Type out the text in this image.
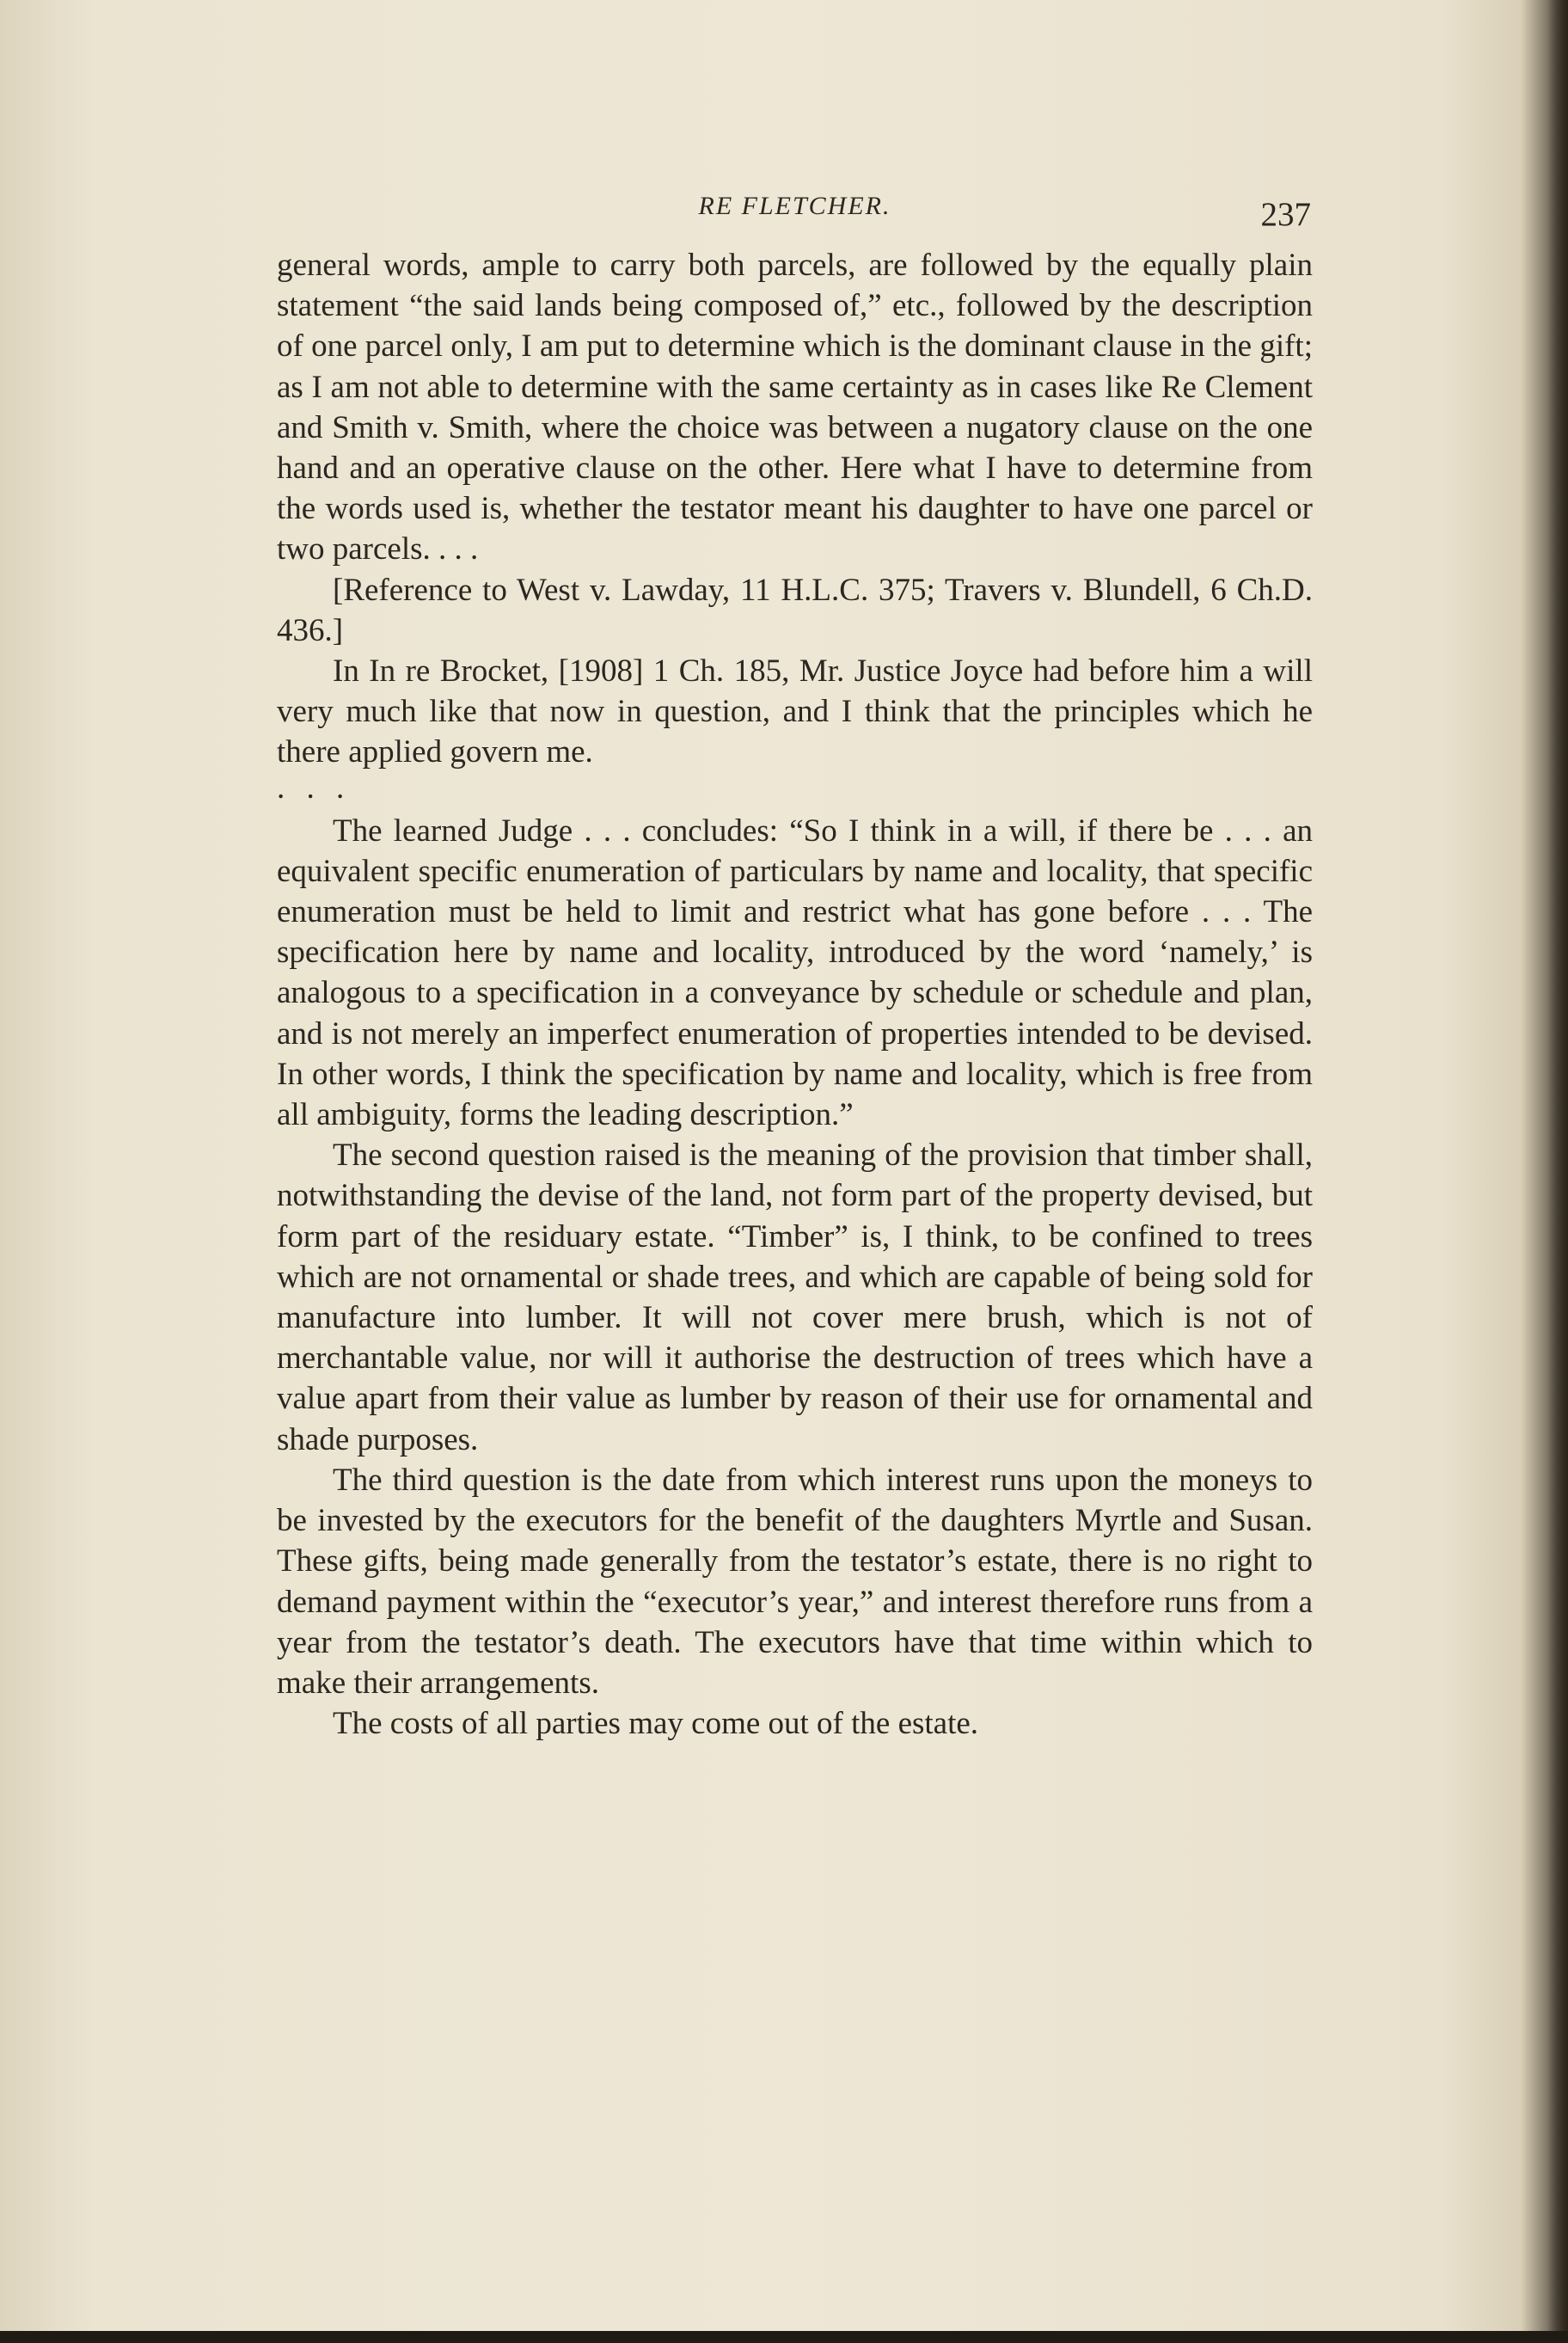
RE FLETCHER.	237

general words, ample to carry both parcels, are followed by the equally plain statement “the said lands being composed of,” etc., followed by the description of one parcel only, I am put to determine which is the dominant clause in the gift; as I am not able to determine with the same certainty as in cases like Re Clement and Smith v. Smith, where the choice was between a nugatory clause on the one hand and an operative clause on the other. Here what I have to determine from the words used is, whether the testator meant his daughter to have one parcel or two parcels. . . .

[Reference to West v. Lawday, 11 H.L.C. 375; Travers v. Blundell, 6 Ch.D. 436.]

In In re Brocket, [1908] 1 Ch. 185, Mr. Justice Joyce had before him a will very much like that now in question, and I think that the principles which he there applied govern me.

. . .

The learned Judge . . . concludes: “So I think in a will, if there be . . . an equivalent specific enumeration of particulars by name and locality, that specific enumeration must be held to limit and restrict what has gone before . . . The specification here by name and locality, introduced by the word ‘namely,’ is analogous to a specification in a conveyance by schedule or schedule and plan, and is not merely an imperfect enumeration of properties intended to be devised. In other words, I think the specification by name and locality, which is free from all ambiguity, forms the leading description.”

The second question raised is the meaning of the provision that timber shall, notwithstanding the devise of the land, not form part of the property devised, but form part of the residuary estate. “Timber” is, I think, to be confined to trees which are not ornamental or shade trees, and which are capable of being sold for manufacture into lumber. It will not cover mere brush, which is not of merchantable value, nor will it authorise the destruction of trees which have a value apart from their value as lumber by reason of their use for ornamental and shade purposes.

The third question is the date from which interest runs upon the moneys to be invested by the executors for the benefit of the daughters Myrtle and Susan. These gifts, being made generally from the testator’s estate, there is no right to demand payment within the “executor’s year,” and interest therefore runs from a year from the testator’s death. The executors have that time within which to make their arrangements.

The costs of all parties may come out of the estate.
